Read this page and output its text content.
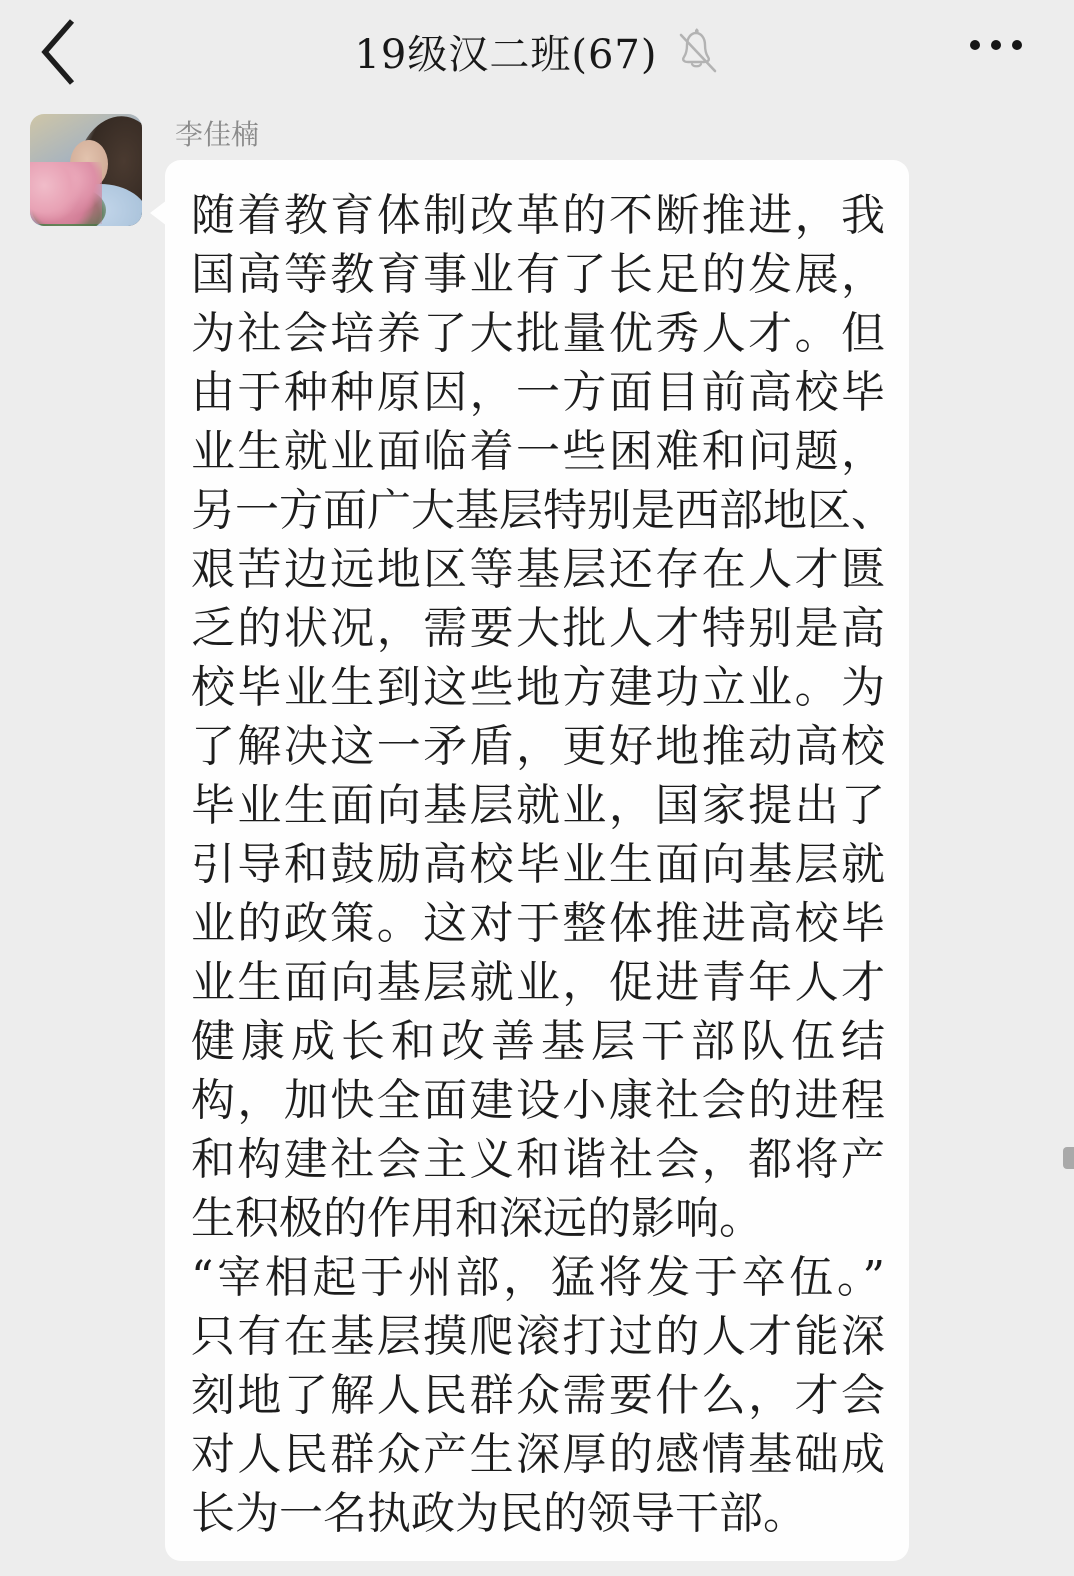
19级汉二班(67)
李佳楠
随着教育体制改革的不断推进，我
国高等教育事业有了长足的发展，
为社会培养了大批量优秀人才。但
由于种种原因，一方面目前高校毕
业生就业面临着一些困难和问题，
另一方面广大基层特别是西部地区、
艰苦边远地区等基层还存在人才匮
乏的状况，需要大批人才特别是高
校毕业生到这些地方建功立业。为
了解决这一矛盾，更好地推动高校
毕业生面向基层就业，国家提出了
引导和鼓励高校毕业生面向基层就
业的政策。这对于整体推进高校毕
业生面向基层就业，促进青年人才
健康成长和改善基层干部队伍结
构，加快全面建设小康社会的进程
和构建社会主义和谐社会，都将产
生积极的作用和深远的影响。
“宰相起于州部，猛将发于卒伍。”
只有在基层摸爬滚打过的人才能深
刻地了解人民群众需要什么，才会
对人民群众产生深厚的感情基础成
长为一名执政为民的领导干部。
